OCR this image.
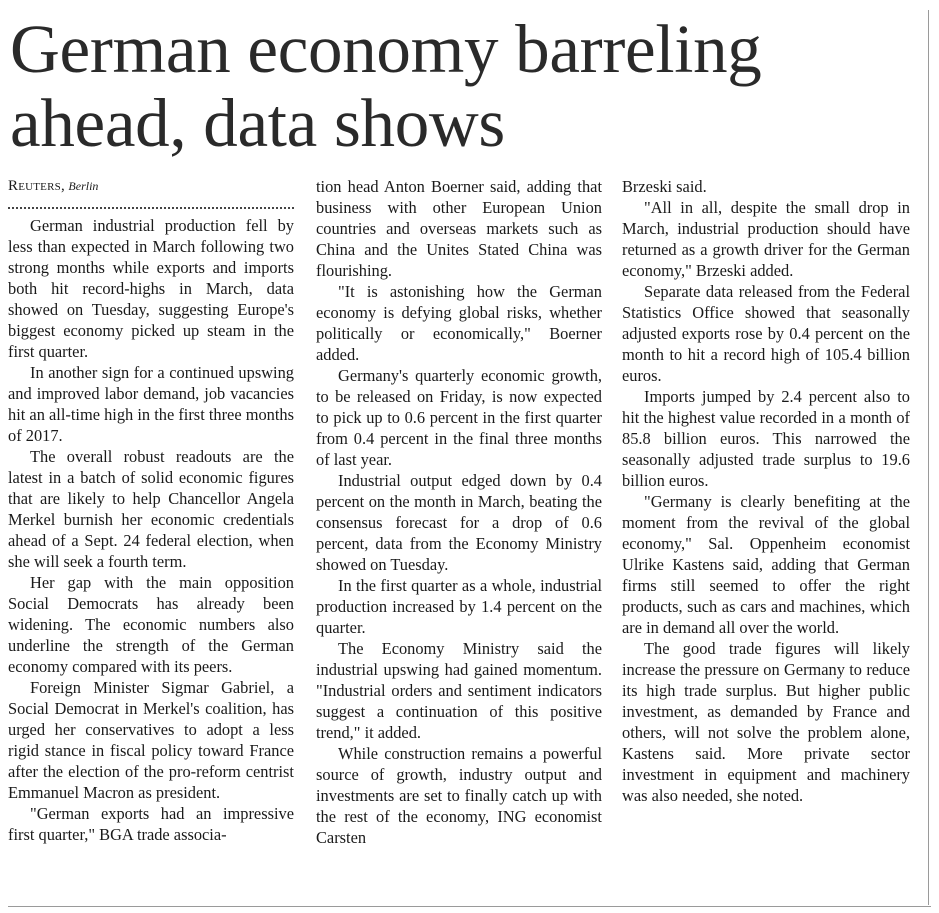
German economy barreling ahead, data shows
Reuters, Berlin

German industrial production fell by less than expected in March following two strong months while exports and imports both hit record-highs in March, data showed on Tuesday, suggesting Europe's biggest economy picked up steam in the first quarter.

In another sign for a continued upswing and improved labor demand, job vacancies hit an all-time high in the first three months of 2017.

The overall robust readouts are the latest in a batch of solid economic figures that are likely to help Chancellor Angela Merkel burnish her economic credentials ahead of a Sept. 24 federal election, when she will seek a fourth term.

Her gap with the main opposition Social Democrats has already been widening. The economic numbers also underline the strength of the German economy compared with its peers.

Foreign Minister Sigmar Gabriel, a Social Democrat in Merkel's coalition, has urged her conservatives to adopt a less rigid stance in fiscal policy toward France after the election of the pro-reform centrist Emmanuel Macron as president.

"German exports had an impressive first quarter," BGA trade associa-

tion head Anton Boerner said, adding that business with other European Union countries and overseas markets such as China and the Unites Stated China was flourishing.

"It is astonishing how the German economy is defying global risks, whether politically or economically," Boerner added.

Germany's quarterly economic growth, to be released on Friday, is now expected to pick up to 0.6 percent in the first quarter from 0.4 percent in the final three months of last year.

Industrial output edged down by 0.4 percent on the month in March, beating the consensus forecast for a drop of 0.6 percent, data from the Economy Ministry showed on Tuesday.

In the first quarter as a whole, industrial production increased by 1.4 percent on the quarter.

The Economy Ministry said the industrial upswing had gained momentum. "Industrial orders and sentiment indicators suggest a continuation of this positive trend," it added.

While construction remains a powerful source of growth, industry output and investments are set to finally catch up with the rest of the economy, ING economist Carsten

Brzeski said.

"All in all, despite the small drop in March, industrial production should have returned as a growth driver for the German economy," Brzeski added.

Separate data released from the Federal Statistics Office showed that seasonally adjusted exports rose by 0.4 percent on the month to hit a record high of 105.4 billion euros.

Imports jumped by 2.4 percent also to hit the highest value recorded in a month of 85.8 billion euros. This narrowed the seasonally adjusted trade surplus to 19.6 billion euros.

"Germany is clearly benefiting at the moment from the revival of the global economy," Sal. Oppenheim economist Ulrike Kastens said, adding that German firms still seemed to offer the right products, such as cars and machines, which are in demand all over the world.

The good trade figures will likely increase the pressure on Germany to reduce its high trade surplus. But higher public investment, as demanded by France and others, will not solve the problem alone, Kastens said. More private sector investment in equipment and machinery was also needed, she noted.
